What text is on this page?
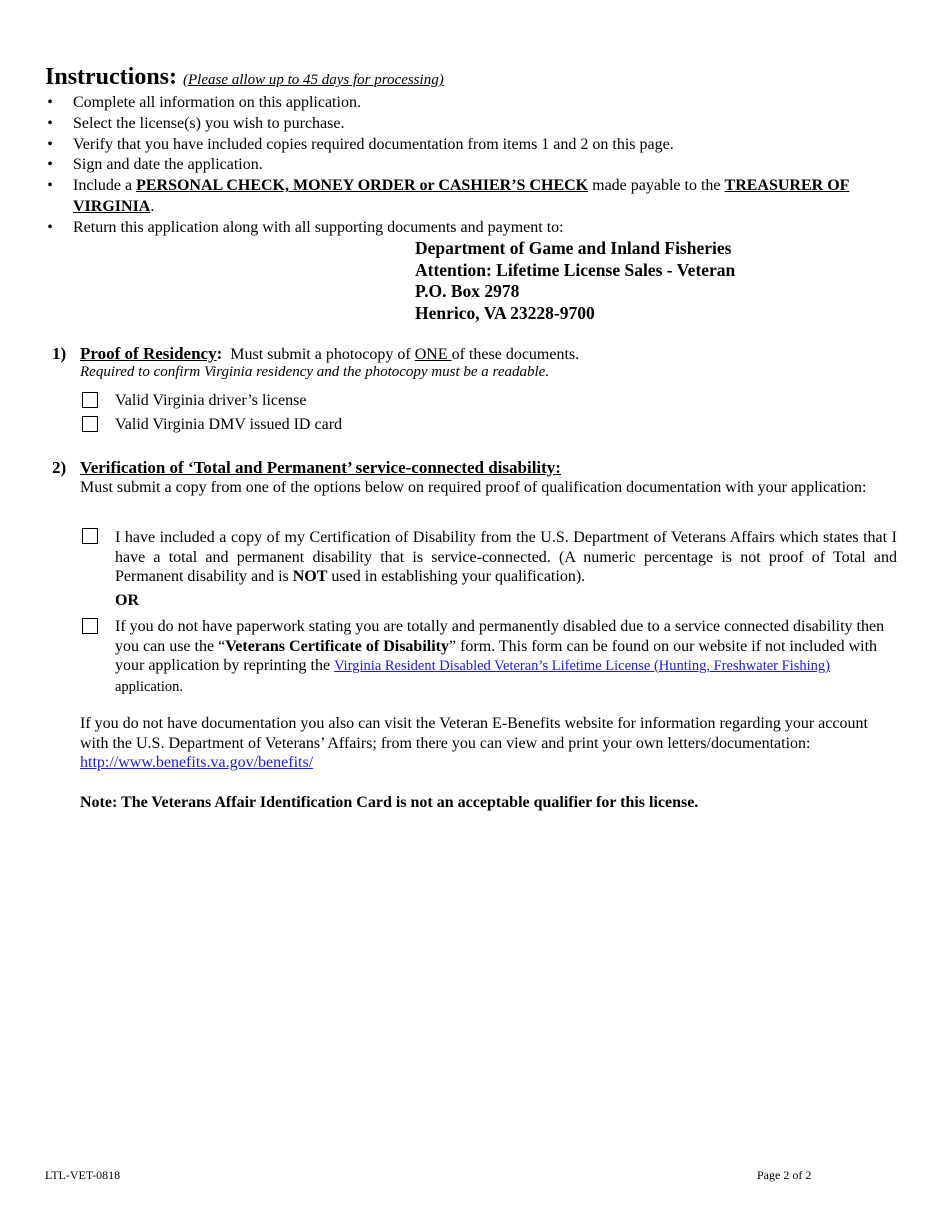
Instructions: (Please allow up to 45 days for processing)
• Complete all information on this application.
• Select the license(s) you wish to purchase.
• Verify that you have included copies required documentation from items 1 and 2 on this page.
• Sign and date the application.
• Include a PERSONAL CHECK, MONEY ORDER or CASHIER’S CHECK made payable to the TREASURER OF VIRGINIA.
• Return this application along with all supporting documents and payment to:
Department of Game and Inland Fisheries
Attention: Lifetime License Sales - Veteran
P.O. Box 2978
Henrico, VA 23228-9700
1) Proof of Residency:  Must submit a photocopy of ONE of these documents.
Required to confirm Virginia residency and the photocopy must be a readable.
Valid Virginia driver’s license
Valid Virginia DMV issued ID card
2) Verification of ‘Total and Permanent’ service-connected disability:
Must submit a copy from one of the options below on required proof of qualification documentation with your application:
I have included a copy of my Certification of Disability from the U.S. Department of Veterans Affairs which states that I have a total and permanent disability that is service-connected. (A numeric percentage is not proof of Total and Permanent disability and is NOT used in establishing your qualification).
OR
If you do not have paperwork stating you are totally and permanently disabled due to a service connected disability then you can use the “Veterans Certificate of Disability” form. This form can be found on our website if not included with your application by reprinting the Virginia Resident Disabled Veteran’s Lifetime License (Hunting, Freshwater Fishing) application.
If you do not have documentation you also can visit the Veteran E-Benefits website for information regarding your account with the U.S. Department of Veterans’ Affairs; from there you can view and print your own letters/documentation: http://www.benefits.va.gov/benefits/
Note: The Veterans Affair Identification Card is not an acceptable qualifier for this license.
LTL-VET-0818	Page 2 of 2
